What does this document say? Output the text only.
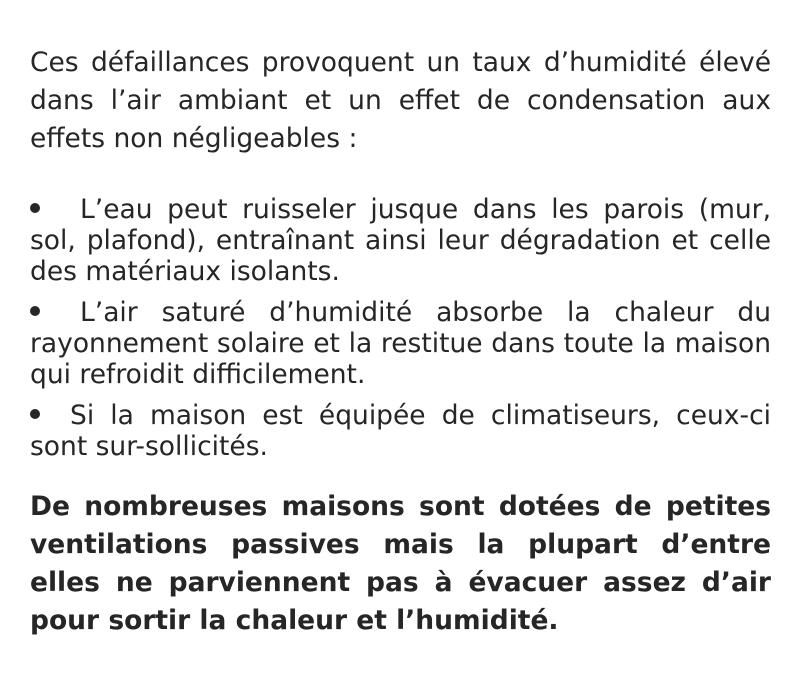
Ces défaillances provoquent un taux d’humidité élevé dans l’air ambiant et un effet de condensation aux effets non négligeables :

L’eau peut ruisseler jusque dans les parois (mur, sol, plafond), entraînant ainsi leur dégradation et celle des matériaux isolants.
L’air saturé d’humidité absorbe la chaleur du rayonnement solaire et la restitue dans toute la maison qui refroidit difficilement.
Si la maison est équipée de climatiseurs, ceux-ci sont sur-sollicités.

De nombreuses maisons sont dotées de petites ventilations passives mais la plupart d’entre elles ne parviennent pas à évacuer assez d’air pour sortir la chaleur et l’humidité.
